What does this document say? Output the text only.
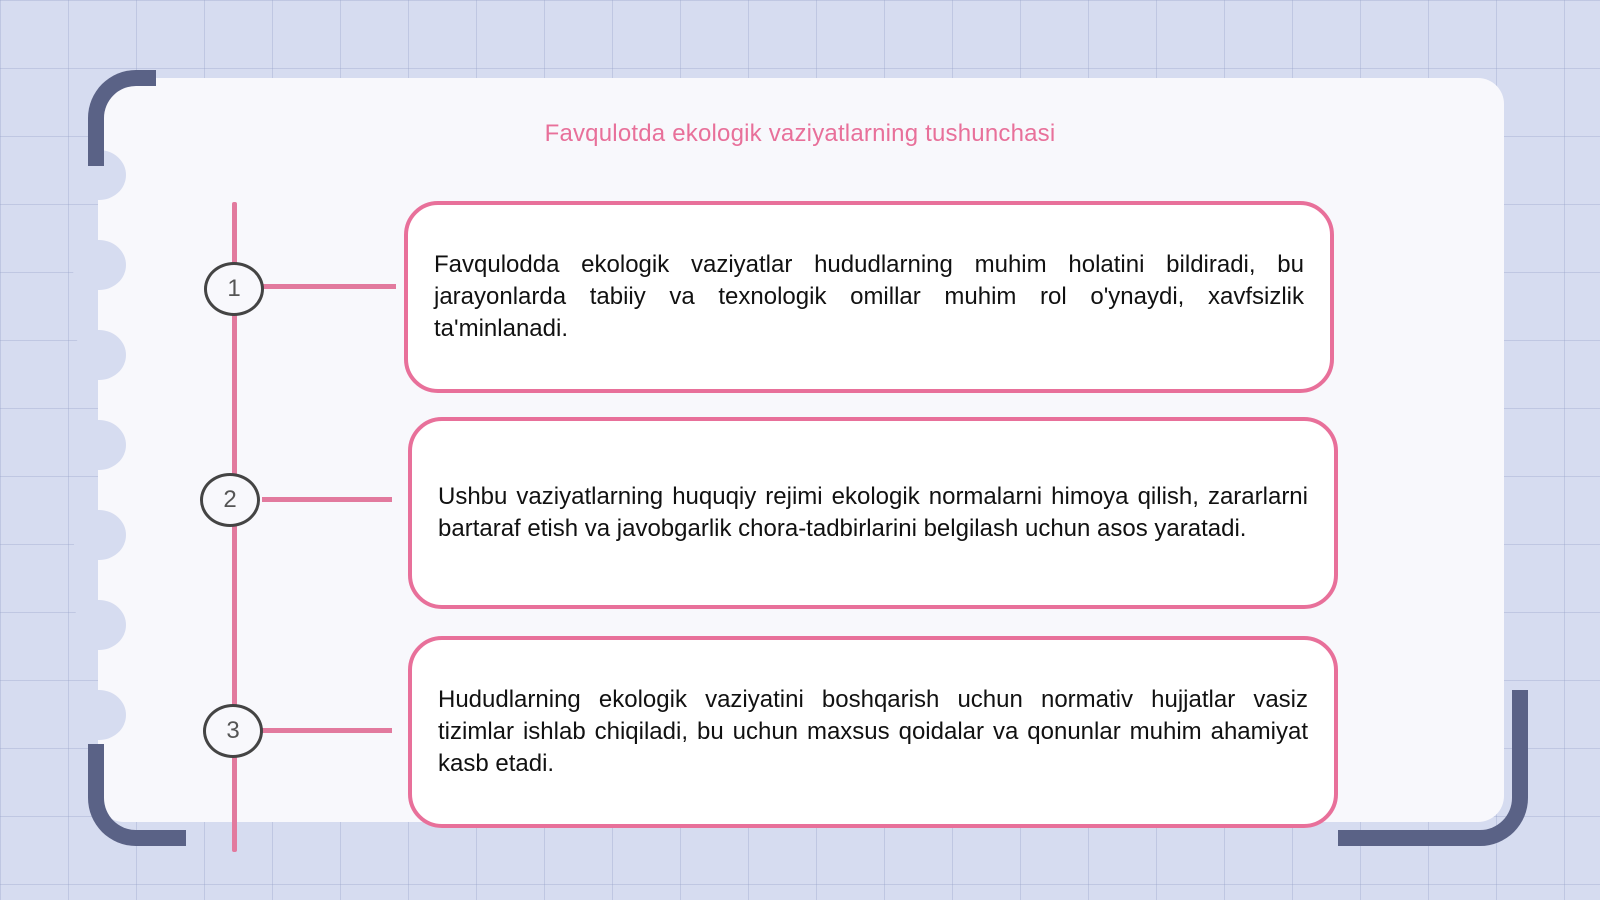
Favqulotda ekologik vaziyatlarning tushunchasi
1
2
3

Favqulodda ekologik vaziyatlar hududlarning muhim holatini bildiradi, bu jarayonlarda tabiiy va texnologik omillar muhim rol o'ynaydi, xavfsizlik ta'minlanadi.

Ushbu vaziyatlarning huquqiy rejimi ekologik normalarni himoya qilish, zararlarni bartaraf etish va javobgarlik chora-tadbirlarini belgilash uchun asos yaratadi.

Hududlarning ekologik vaziyatini boshqarish uchun normativ hujjatlar vasiz tizimlar ishlab chiqiladi, bu uchun maxsus qoidalar va qonunlar muhim ahamiyat kasb etadi.
